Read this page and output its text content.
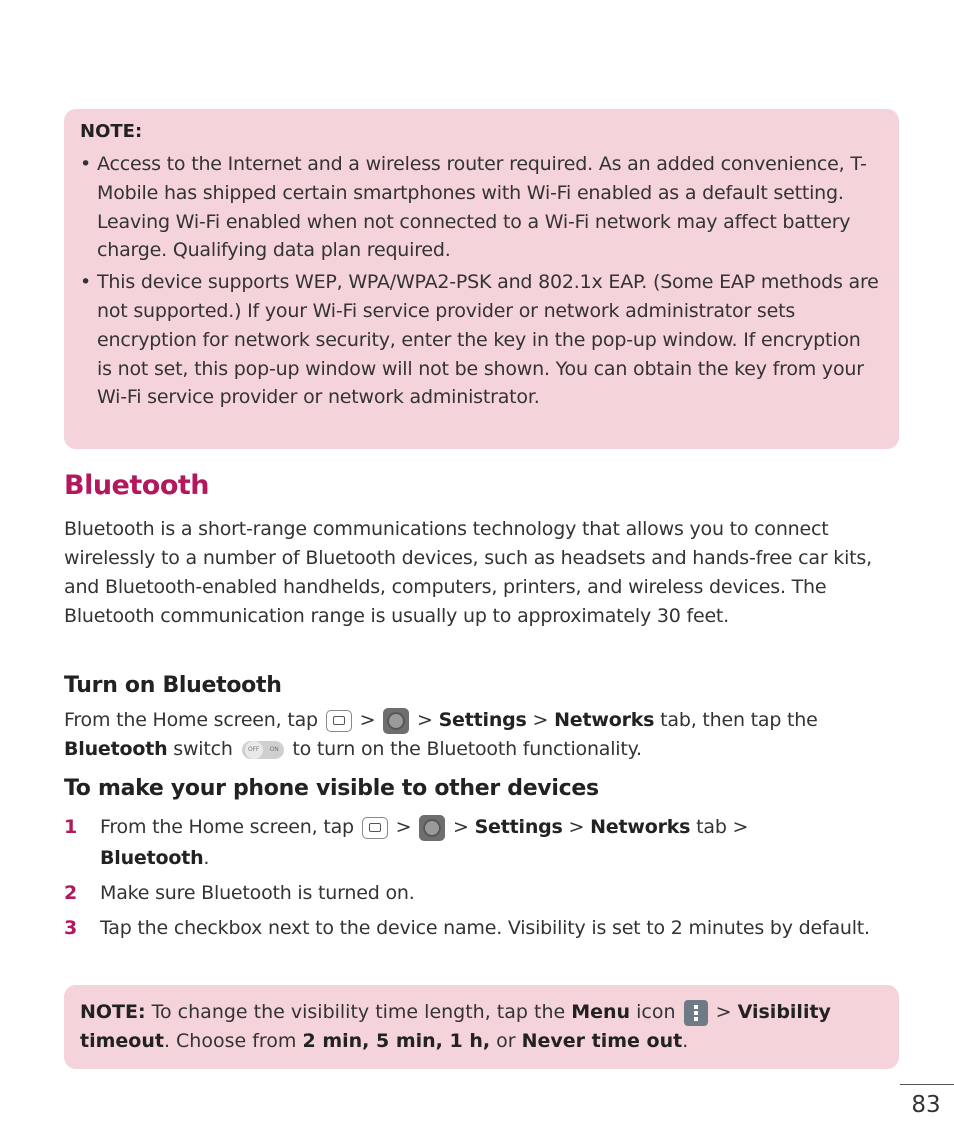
NOTE:
• Access to the Internet and a wireless router required. As an added convenience, T-Mobile has shipped certain smartphones with Wi-Fi enabled as a default setting. Leaving Wi-Fi enabled when not connected to a Wi-Fi network may affect battery charge. Qualifying data plan required.
• This device supports WEP, WPA/WPA2-PSK and 802.1x EAP. (Some EAP methods are not supported.) If your Wi-Fi service provider or network administrator sets encryption for network security, enter the key in the pop-up window. If encryption is not set, this pop-up window will not be shown. You can obtain the key from your Wi-Fi service provider or network administrator.
Bluetooth

Bluetooth is a short-range communications technology that allows you to connect wirelessly to a number of Bluetooth devices, such as headsets and hands-free car kits, and Bluetooth-enabled handhelds, computers, printers, and wireless devices. The Bluetooth communication range is usually up to approximately 30 feet.

Turn on Bluetooth

From the Home screen, tap > > Settings > Networks tab, then tap the Bluetooth switch	OFF	ON to turn on the Bluetooth functionality.

To make your phone visible to other devices
1 From the Home screen, tap > > Settings > Networks tab >
Bluetooth.
2 Make sure Bluetooth is turned on.
3 Tap the checkbox next to the device name. Visibility is set to 2 minutes by default.
NOTE: To change the visibility time length, tap the Menu icon > Visibility timeout. Choose from 2 min, 5 min, 1 h, or Never time out.
83
